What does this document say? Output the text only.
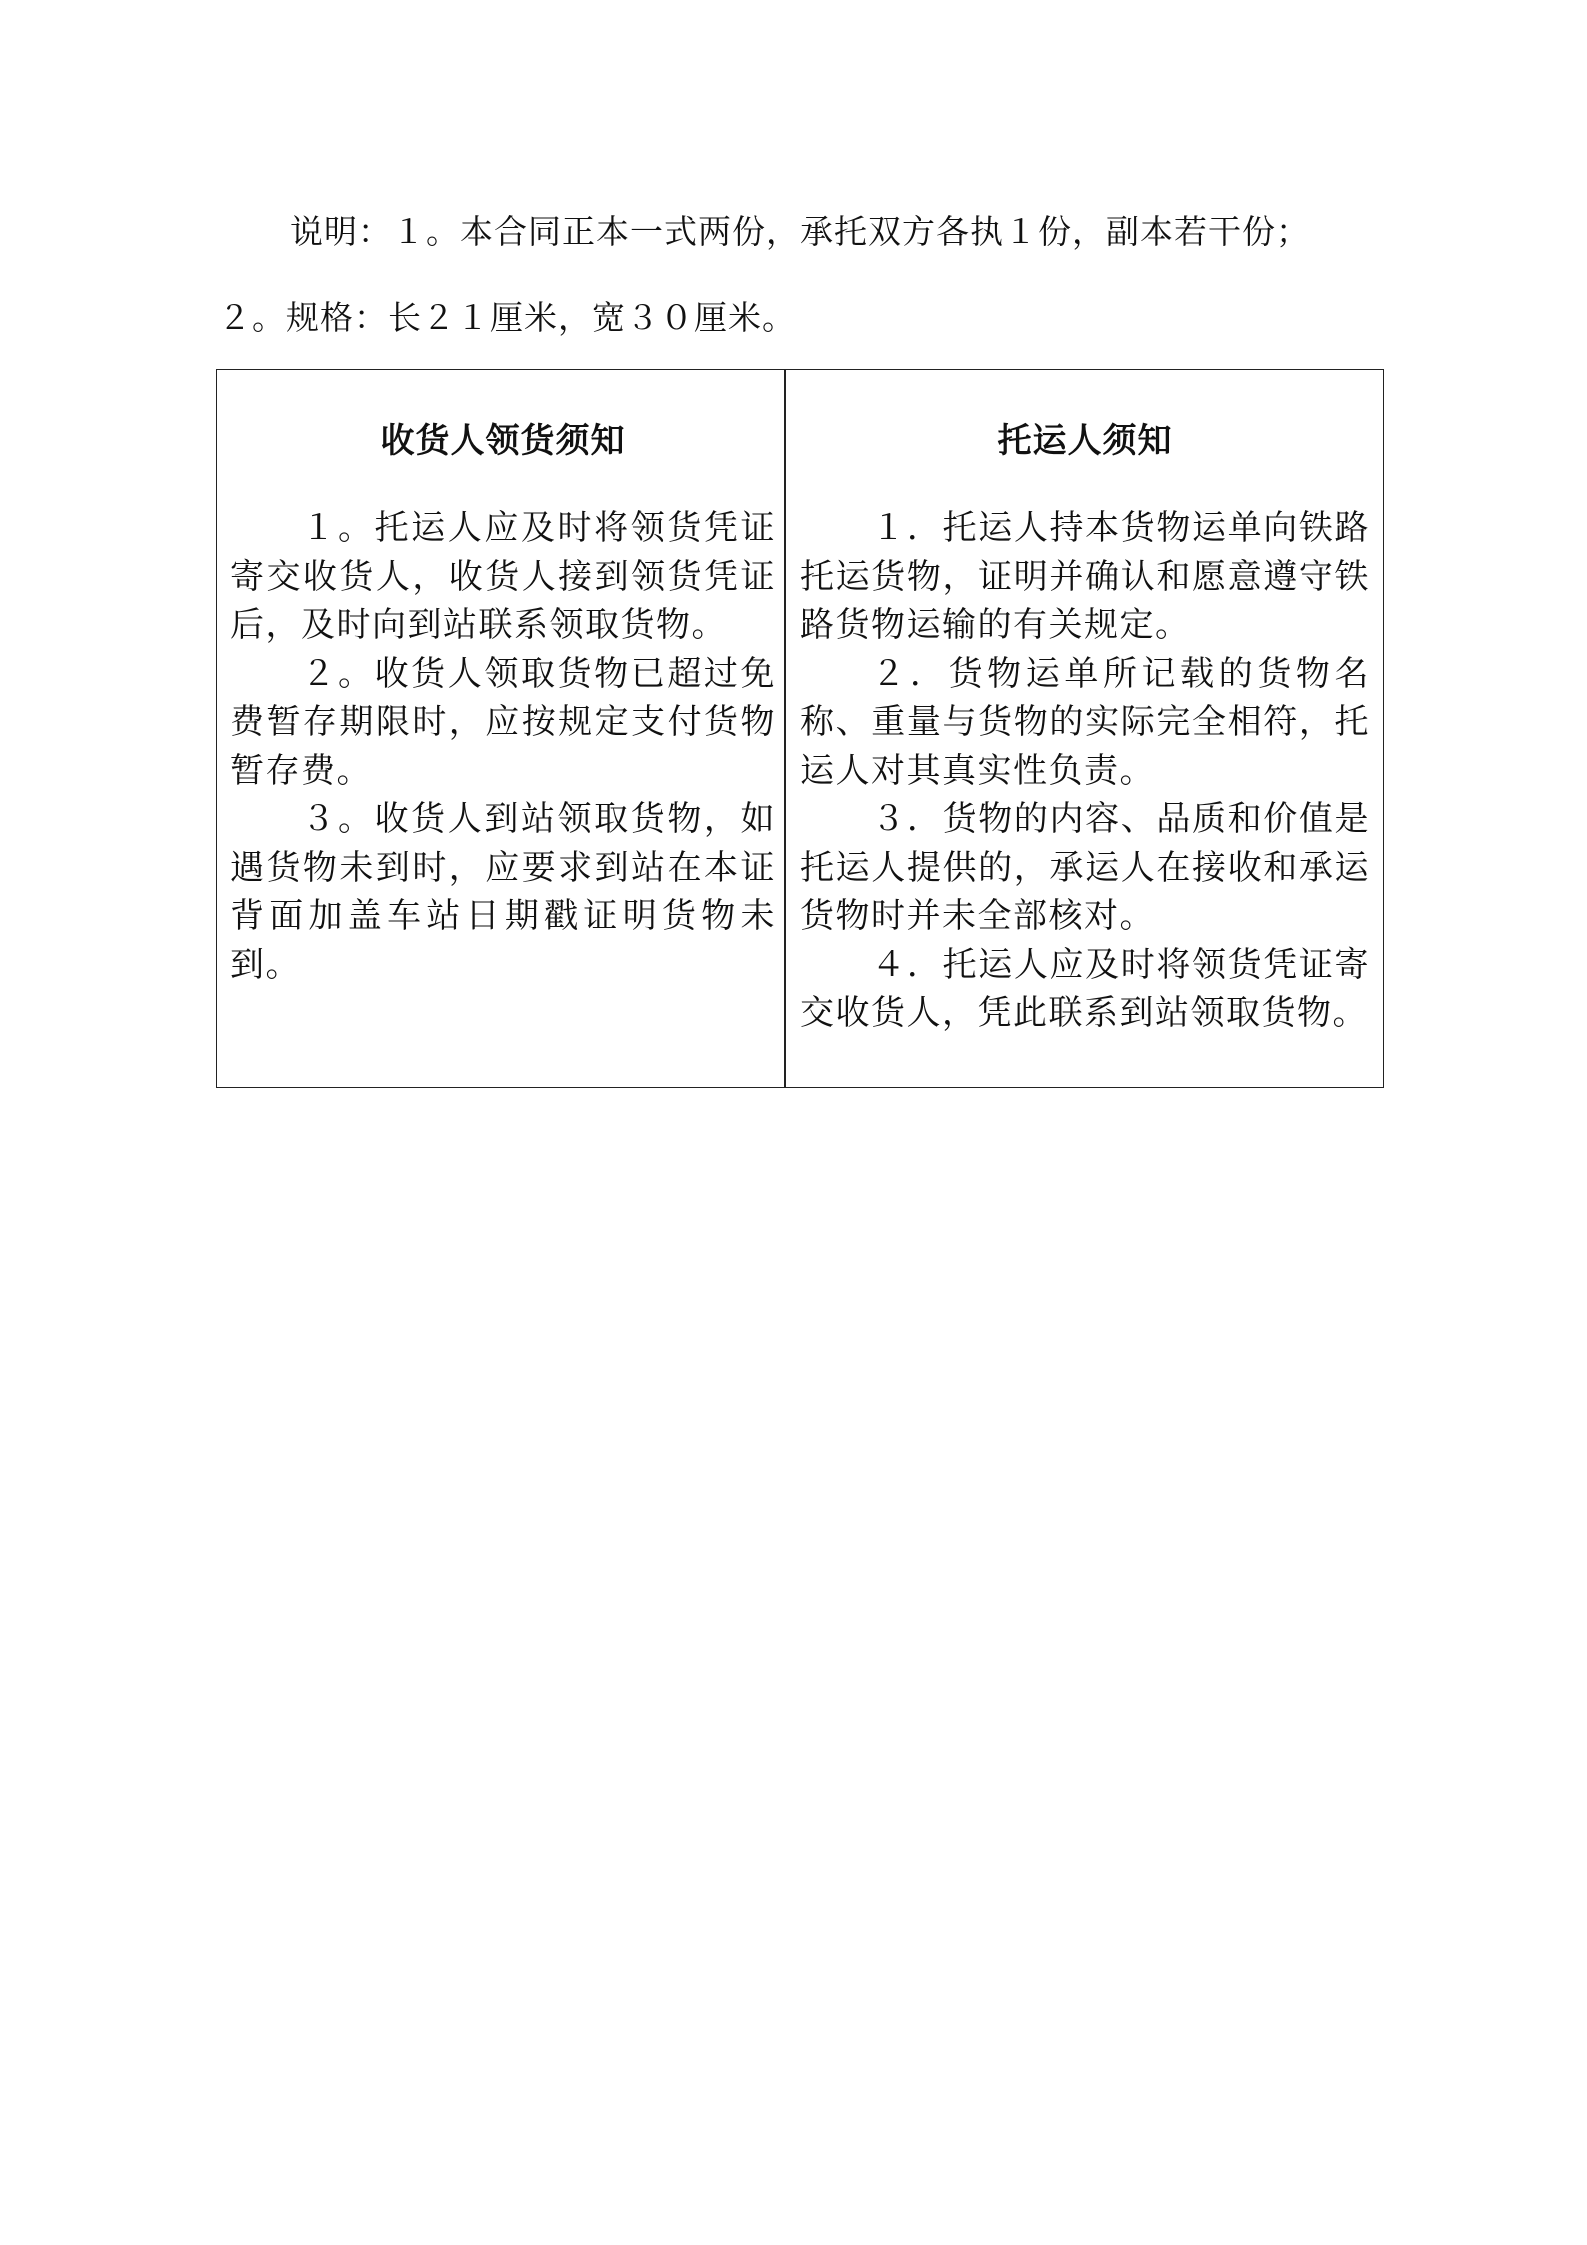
说明：１。本合同正本一式两份，承托双方各执１份，副本若干份；
２。规格：长２１厘米，宽３０厘米。
收货人领货须知

１。托运人应及时将领货凭证寄交收货人，收货人接到领货凭证后，及时向到站联系领取货物。

２。收货人领取货物已超过免费暂存期限时，应按规定支付货物暂存费。

３。收货人到站领取货物，如遇货物未到时，应要求到站在本证背面加盖车站日期戳证明货物未到。

托运人须知

１．托运人持本货物运单向铁路托运货物，证明并确认和愿意遵守铁路货物运输的有关规定。

２．货物运单所记载的货物名称、重量与货物的实际完全相符，托运人对其真实性负责。

３．货物的内容、品质和价值是托运人提供的，承运人在接收和承运货物时并未全部核对。

４．托运人应及时将领货凭证寄交收货人，凭此联系到站领取货物。
